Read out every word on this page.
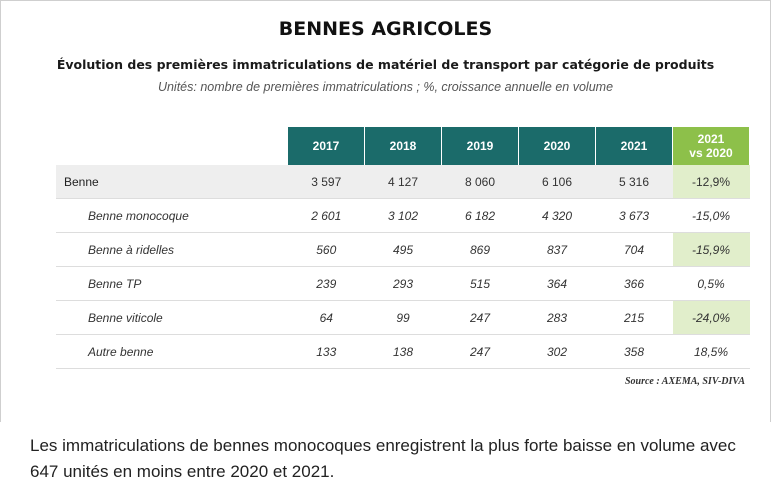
BENNES AGRICOLES
Évolution des premières immatriculations de matériel de transport par catégorie de produits
Unités: nombre de premières immatriculations ; %, croissance annuelle en volume
	2017	2018	2019	2020	2021	2021
vs 2020
Benne	3 597	4 127	8 060	6 106	5 316	-12,9%
Benne monocoque	2 601	3 102	6 182	4 320	3 673	-15,0%
Benne à ridelles	560	495	869	837	704	-15,9%
Benne TP	239	293	515	364	366	0,5%
Benne viticole	64	99	247	283	215	-24,0%
Autre benne	133	138	247	302	358	18,5%
Source : AXEMA, SIV-DIVA
Les immatriculations de bennes monocoques enregistrent la plus forte baisse en volume avec 647 unités en moins entre 2020 et 2021.
